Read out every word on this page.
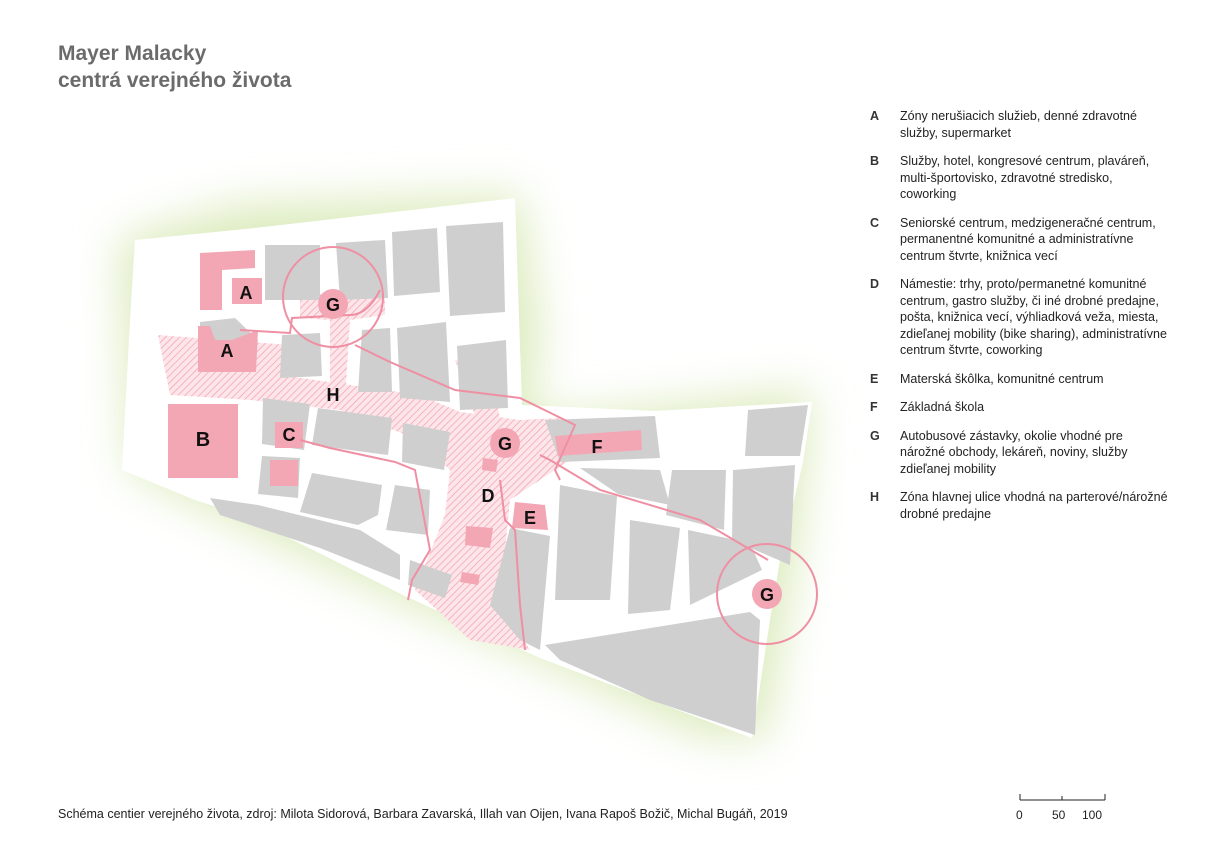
Mayer Malacky
centrá verejného života
G
G
G
A
A
H
B	C
D
E
F
A	Zóny nerušiacich služieb, denné zdravotné služby, supermarket
B	Služby, hotel, kongresové centrum, plaváreň, multi-športovisko, zdravotné stredisko, coworking
C	Seniorské centrum, medzigeneračné centrum, permanentné komunitné a administratívne centrum štvrte, knižnica vecí
D	Námestie: trhy, proto/permanetné komunitné centrum, gastro služby, či iné drobné predajne, pošta, knižnica vecí, výhliadková veža, miesta, zdieľanej mobility (bike sharing), administratívne centrum štvrte, coworking
E	Materská škôlka, komunitné centrum
F	Základná škola
G	Autobusové zástavky, okolie vhodné pre nárožné obchody, lekáreň, noviny, služby zdieľanej mobility
H	Zóna hlavnej ulice vhodná na parterové/nárožné drobné predajne
Schéma centier verejného života, zdroj: Milota Sidorová, Barbara Zavarská, Illah van Oijen, Ivana Rapoš Božič, Michal Bugáň, 2019	0 50 100
